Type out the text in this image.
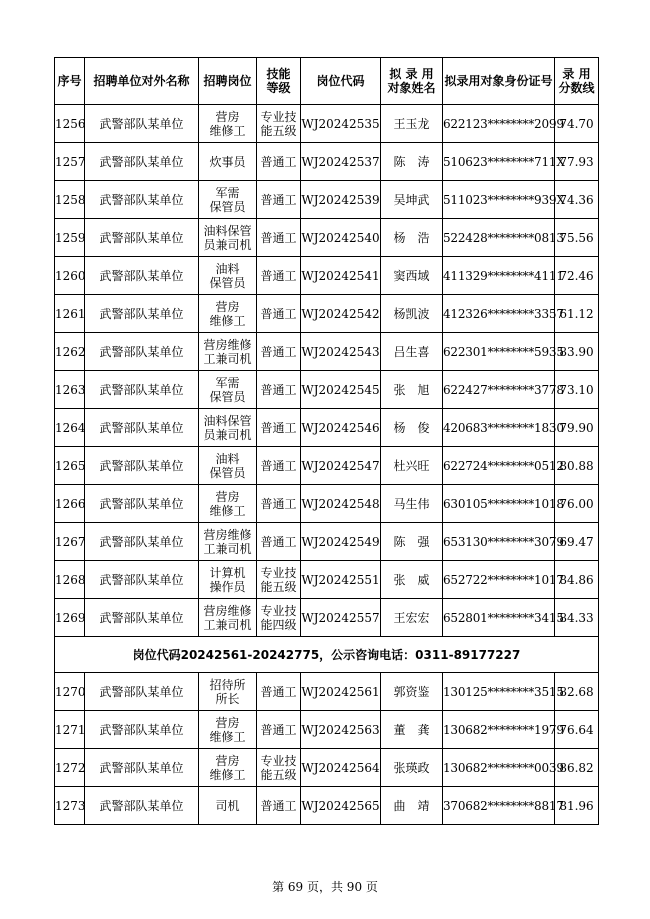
序号	招聘单位对外名称	招聘岗位	技能
等级	岗位代码	拟 录 用
对象姓名	拟录用对象身份证号	录 用
分数线
1256	武警部队某单位	营房
维修工	专业技
能五级	WJ20242535	王玉龙	622123********2099	74.70
1257	武警部队某单位	炊事员	普通工	WJ20242537	陈　涛	510623********711X	77.93
1258	武警部队某单位	军需
保管员	普通工	WJ20242539	吴坤武	511023********939X	74.36
1259	武警部队某单位	油料保管
员兼司机	普通工	WJ20242540	杨　浩	522428********0813	75.56
1260	武警部队某单位	油料
保管员	普通工	WJ20242541	窦西域	411329********4111	72.46
1261	武警部队某单位	营房
维修工	普通工	WJ20242542	杨凯波	412326********3357	61.12
1262	武警部队某单位	营房维修
工兼司机	普通工	WJ20242543	吕生喜	622301********5935	83.90
1263	武警部队某单位	军需
保管员	普通工	WJ20242545	张　旭	622427********3778	73.10
1264	武警部队某单位	油料保管
员兼司机	普通工	WJ20242546	杨　俊	420683********1830	79.90
1265	武警部队某单位	油料
保管员	普通工	WJ20242547	杜兴旺	622724********0512	80.88
1266	武警部队某单位	营房
维修工	普通工	WJ20242548	马生伟	630105********1018	76.00
1267	武警部队某单位	营房维修
工兼司机	普通工	WJ20242549	陈　强	653130********3079	69.47
1268	武警部队某单位	计算机
操作员	专业技
能五级	WJ20242551	张　威	652722********1017	84.86
1269	武警部队某单位	营房维修
工兼司机	专业技
能四级	WJ20242557	王宏宏	652801********3415	84.33
岗位代码20242561-20242775，公示咨询电话：0311-89177227							
1270	武警部队某单位	招待所
所长	普通工	WJ20242561	郭资鉴	130125********3515	82.68
1271	武警部队某单位	营房
维修工	普通工	WJ20242563	董　龚	130682********1979	76.64
1272	武警部队某单位	营房
维修工	专业技
能五级	WJ20242564	张瑛政	130682********0039	86.82
1273	武警部队某单位	司机	普通工	WJ20242565	曲　靖	370682********8817	81.96
第 69 页，共 90 页
